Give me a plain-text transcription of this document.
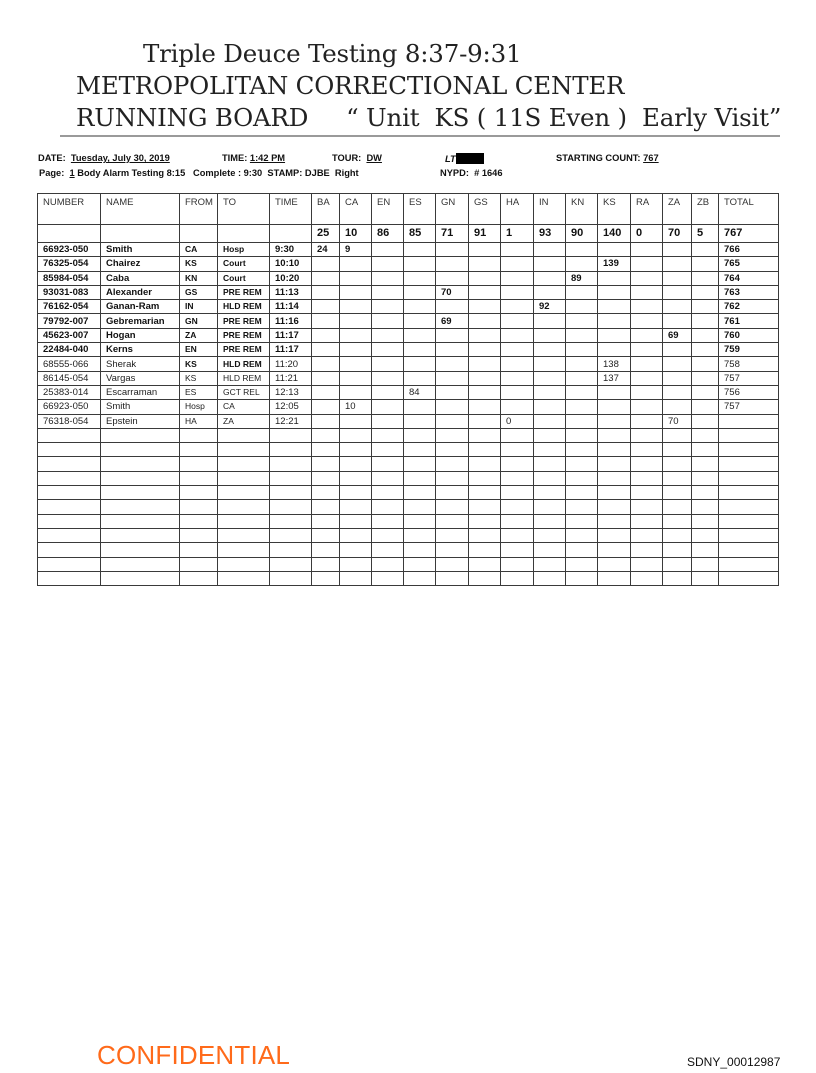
Triple Deuce Testing 8:37-9:31
METROPOLITAN CORRECTIONAL CENTER
RUNNING BOARD “ Unit  KS ( 11S Even )  Early Visit”
DATE: Tuesday, July 30, 2019	TIME: 1:42 PM	TOUR: DW	LT	STARTING COUNT: 767
Page: 1 Body Alarm Testing 8:15 Complete : 9:30 STAMP: DJBE  Right	NYPD:  # 1646
NUMBER	NAME	FROM	TO	TIME	BA	CA	EN	ES	GN	GS	HA	IN	KN	KS	RA	ZA	ZB	TOTAL
					25	10	86	85	71	91	1	93	90	140	0	70	5	767
66923-050	Smith	CA	Hosp	9:30	24	9												766
76325-054	Chairez	KS	Court	10:10										139				765
85984-054	Caba	KN	Court	10:20									89					764
93031-083	Alexander	GS	PRE REM	11:13					70									763
76162-054	Ganan-Ram	IN	HLD REM	11:14								92						762
79792-007	Gebremarian	GN	PRE REM	11:16					69									761
45623-007	Hogan	ZA	PRE REM	11:17												69		760
22484-040	Kerns	EN	PRE REM	11:17														759
68555-066	Sherak	KS	HLD REM	11:20										138				758
86145-054	Vargas	KS	HLD REM	11:21										137				757
25383-014	Escarraman	ES	GCT REL	12:13				84										756
66923-050	Smith	Hosp	CA	12:05		10												757
76318-054	Epstein	HA	ZA	12:21							0					70		

CONFIDENTIAL	SDNY_00012987
